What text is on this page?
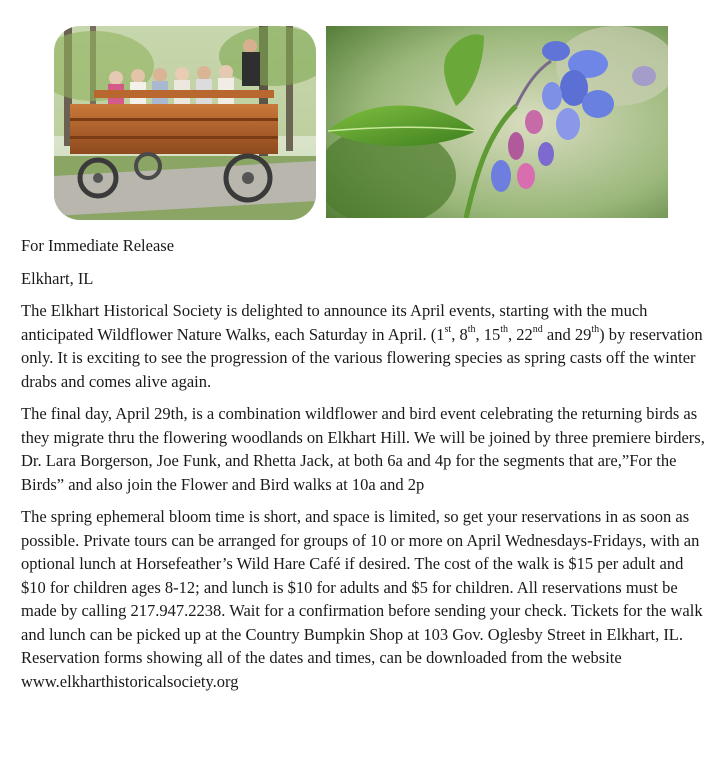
For Immediate Release

Elkhart, IL

The Elkhart Historical Society is delighted to announce its April events, starting with the much anticipated Wildflower Nature Walks, each Saturday in April. (1st, 8th, 15th, 22nd and 29th) by reservation only. It is exciting to see the progression of the various flowering species as spring casts off the winter drabs and comes alive again.

The final day, April 29th, is a combination wildflower and bird event celebrating the returning birds as they migrate thru the flowering woodlands on Elkhart Hill. We will be joined by three premiere birders, Dr. Lara Borgerson, Joe Funk, and Rhetta Jack, at both 6a and 4p for the segments that are,”For the Birds” and also join the Flower and Bird walks at 10a and 2p

The spring ephemeral bloom time is short, and space is limited, so get your reservations in as soon as possible. Private tours can be arranged for groups of 10 or more on April Wednesdays-Fridays, with an optional lunch at Horsefeather’s Wild Hare Café if desired. The cost of the walk is $15 per adult and $10 for children ages 8-12; and lunch is $10 for adults and $5 for children. All reservations must be made by calling 217.947.2238. Wait for a confirmation before sending your check. Tickets for the walk and lunch can be picked up at the Country Bumpkin Shop at 103 Gov. Oglesby Street in Elkhart, IL. Reservation forms showing all of the dates and times, can be downloaded from the website www.elkharthistoricalsociety.org
